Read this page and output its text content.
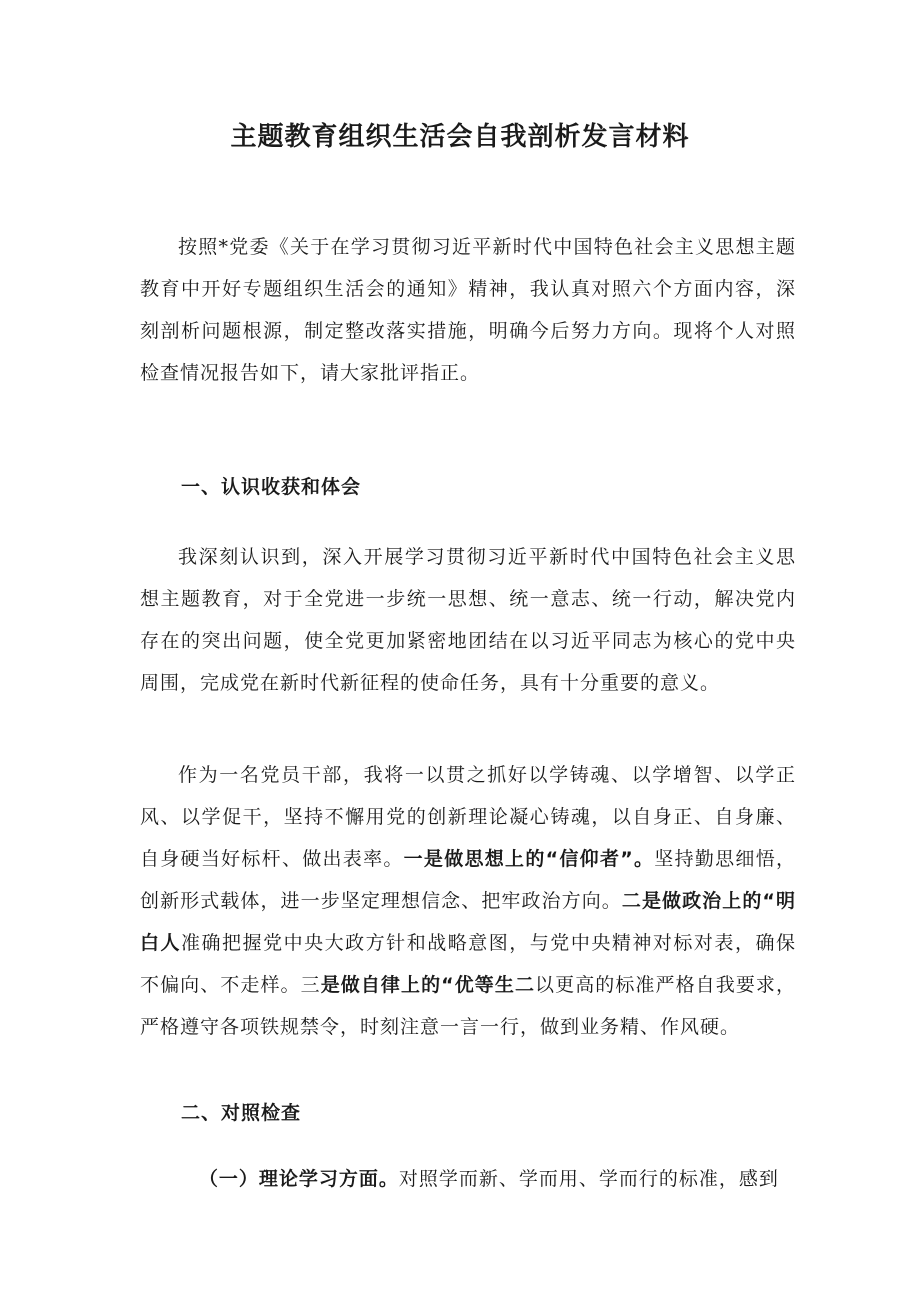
主题教育组织生活会自我剖析发言材料

按照*党委《关于在学习贯彻习近平新时代中国特色社会主义思想主题教育中开好专题组织生活会的通知》精神，我认真对照六个方面内容，深刻剖析问题根源，制定整改落实措施，明确今后努力方向。现将个人对照检查情况报告如下，请大家批评指正。

一、认识收获和体会

我深刻认识到，深入开展学习贯彻习近平新时代中国特色社会主义思想主题教育，对于全党进一步统一思想、统一意志、统一行动，解决党内存在的突出问题，使全党更加紧密地团结在以习近平同志为核心的党中央周围，完成党在新时代新征程的使命任务，具有十分重要的意义。

作为一名党员干部，我将一以贯之抓好以学铸魂、以学增智、以学正风、以学促干，坚持不懈用党的创新理论凝心铸魂，以自身正、自身廉、自身硬当好标杆、做出表率。一是做思想上的“信仰者”。坚持勤思细悟，创新形式载体，进一步坚定理想信念、把牢政治方向。二是做政治上的“明白人准确把握党中央大政方针和战略意图，与党中央精神对标对表，确保不偏向、不走样。三是做自律上的“优等生二以更高的标准严格自我要求，严格遵守各项铁规禁令，时刻注意一言一行，做到业务精、作风硬。

二、对照检查

（一）理论学习方面。对照学而新、学而用、学而行的标准，感到
